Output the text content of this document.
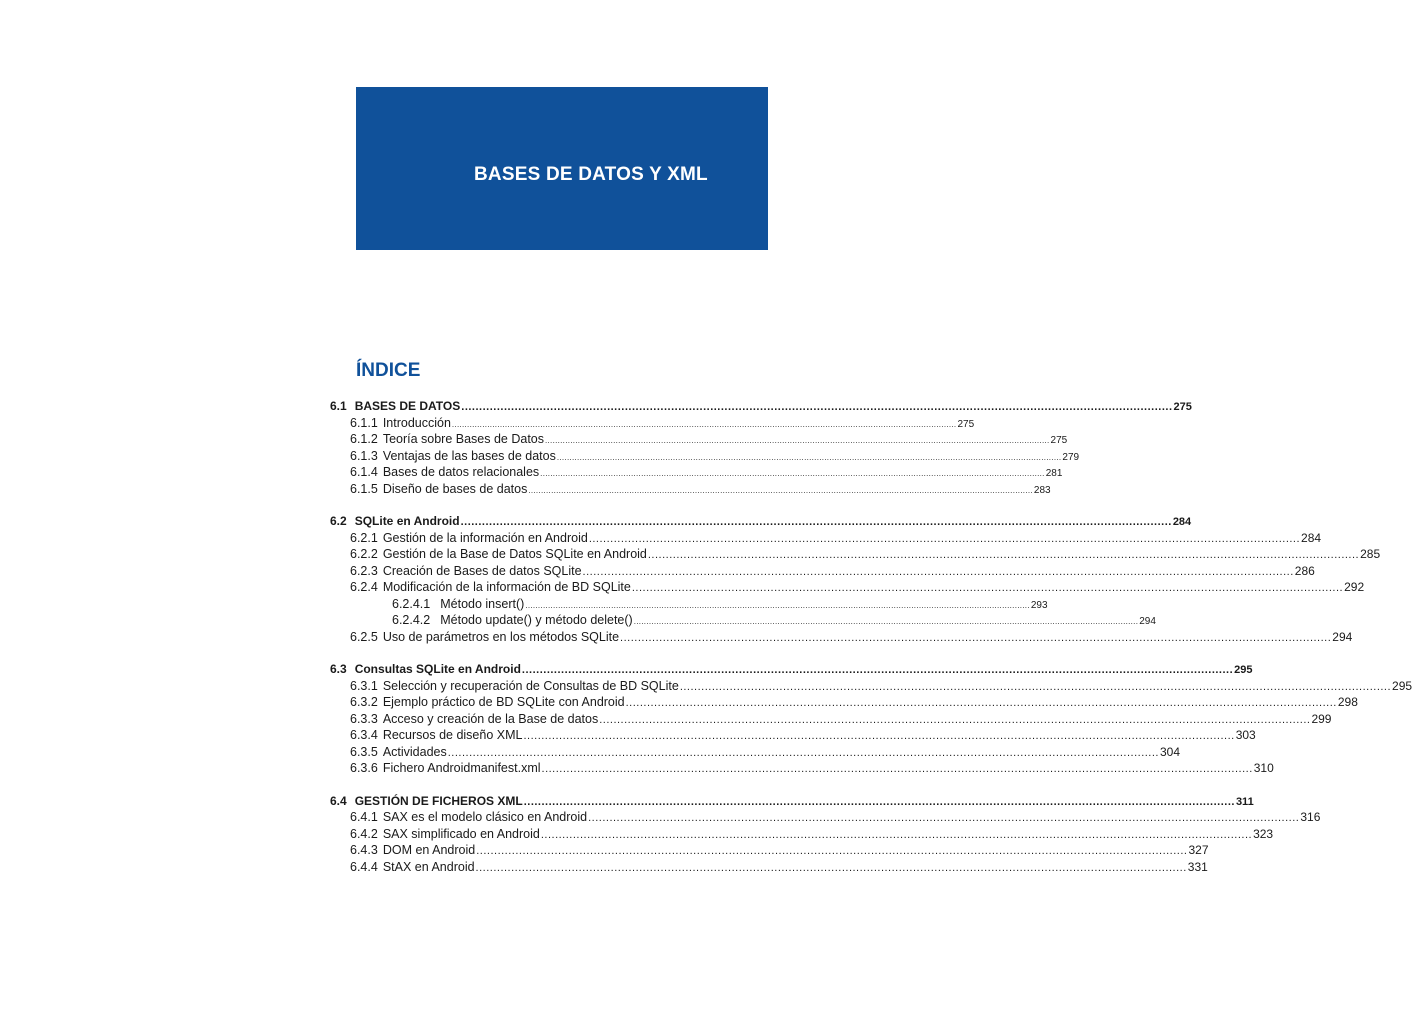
BASES DE DATOS Y XML
ÍNDICE
6.1 BASES DE DATOS ........................................................................................................................................................................................................ 275
6.1.1 Introducción ........................................................................................................................................................................................................ 275
6.1.2 Teoría sobre Bases de Datos ........................................................................................................................................................................................................ 275
6.1.3 Ventajas de las bases de datos ........................................................................................................................................................................................................ 279
6.1.4 Bases de datos relacionales ........................................................................................................................................................................................................ 281
6.1.5 Diseño de bases de datos ........................................................................................................................................................................................................ 283
6.2 SQLite en Android ........................................................................................................................................................................................................ 284
6.2.1 Gestión de la información en Android ........................................................................................................................................................................................................ 284
6.2.2 Gestión de la Base de Datos SQLite en Android ........................................................................................................................................................................................................ 285
6.2.3 Creación de Bases de datos SQLite ........................................................................................................................................................................................................ 286
6.2.4 Modificación de la información de BD SQLite ........................................................................................................................................................................................................ 292
6.2.4.1 Método insert() ........................................................................................................................................................................................................ 293
6.2.4.2 Método update() y método delete() ........................................................................................................................................................................................................ 294
6.2.5 Uso de parámetros en los métodos SQLite ........................................................................................................................................................................................................ 294
6.3 Consultas SQLite en Android ........................................................................................................................................................................................................ 295
6.3.1 Selección y recuperación de Consultas de BD SQLite ........................................................................................................................................................................................................ 295
6.3.2 Ejemplo práctico de BD SQLite con Android ........................................................................................................................................................................................................ 298
6.3.3 Acceso y creación de la Base de datos ........................................................................................................................................................................................................ 299
6.3.4 Recursos de diseño XML ........................................................................................................................................................................................................ 303
6.3.5 Actividades ........................................................................................................................................................................................................ 304
6.3.6 Fichero Androidmanifest.xml ........................................................................................................................................................................................................ 310
6.4 GESTIÓN DE FICHEROS XML ........................................................................................................................................................................................................ 311
6.4.1 SAX es el modelo clásico en Android ........................................................................................................................................................................................................ 316
6.4.2 SAX simplificado en Android ........................................................................................................................................................................................................ 323
6.4.3 DOM en Android ........................................................................................................................................................................................................ 327
6.4.4 StAX en Android ........................................................................................................................................................................................................ 331
